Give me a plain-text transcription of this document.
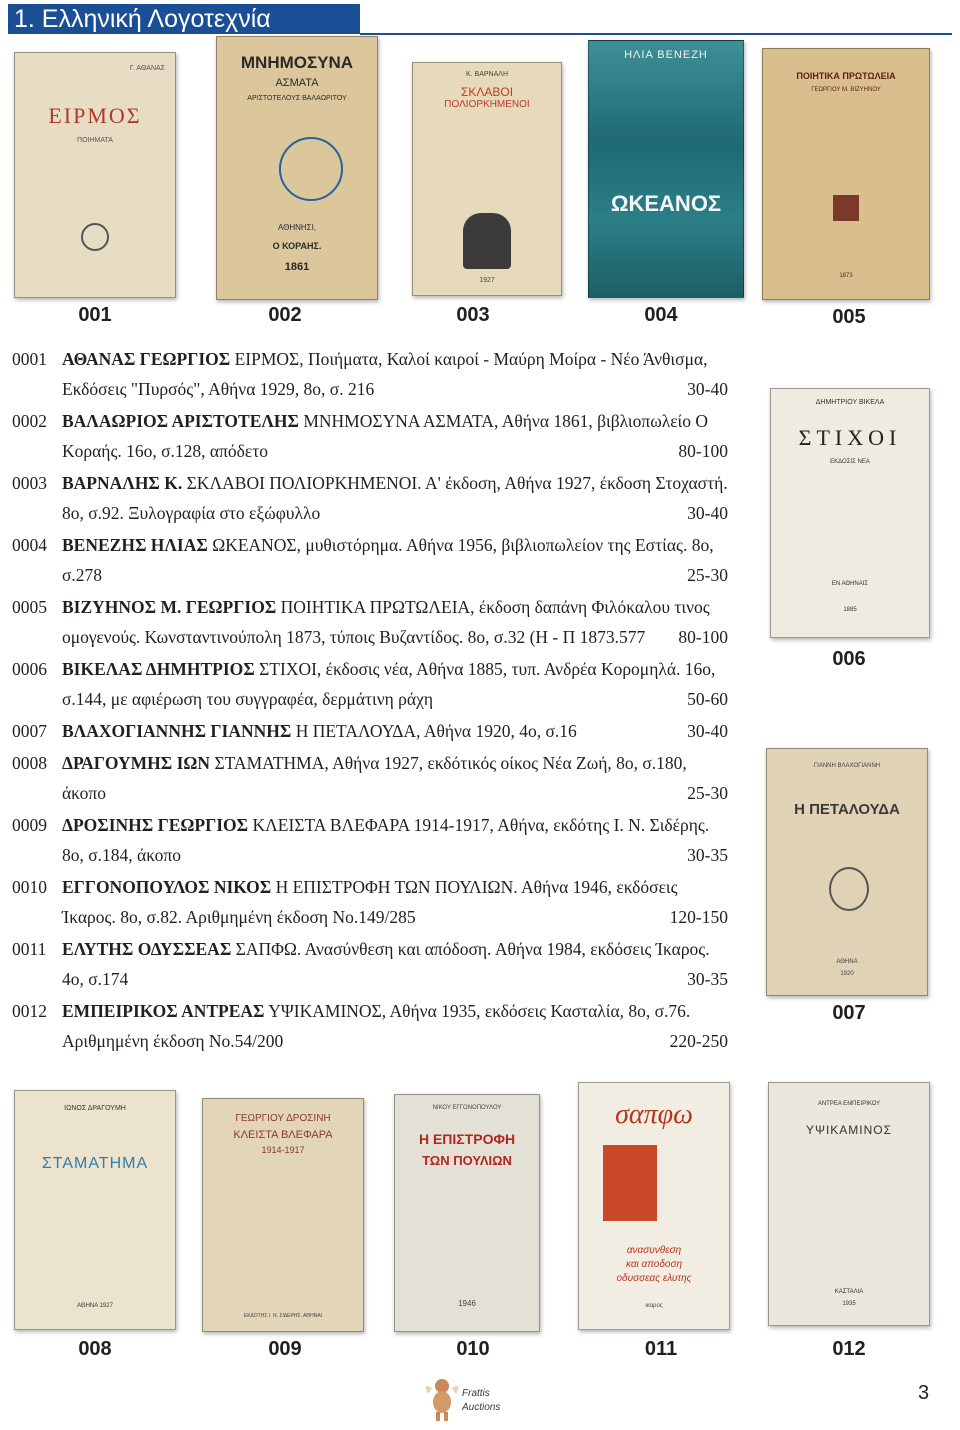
1. Ελληνική Λογοτεχνία
Γ. ΑΘΑΝΑΣ
ΕΙΡΜΟΣ
ΠΟΙΗΜΑΤΑ
ΜΝΗΜΟΣΥΝΑ
ΑΣΜΑΤΑ
ΑΡΙΣΤΟΤΕΛΟΥΣ ΒΑΛΑΩΡΙΤΟΥ
ΑΘΗΝΗΣΙ,
Ο ΚΟΡΑΗΣ.
1861
Κ. ΒΑΡΝΑΛΗ
ΣΚΛΑΒΟΙ
ΠΟΛΙΟΡΚΗΜΕΝΟΙ
1927
ΗΛΙΑ ΒΕΝΕΖΗ
ΩΚΕΑΝΟΣ
ΠΟΙΗΤΙΚΑ ΠΡΩΤΩΛΕΙΑ
ΓΕΩΡΓΙΟΥ Μ. ΒΙΖΥΗΝΟΥ
1873
001	002	003	004	005
ΔΗΜΗΤΡΙΟΥ ΒΙΚΕΛΑ
ΣΤΙΧΟΙ
ΕΚΔΟΣΙΣ ΝΕΑ
ΕΝ ΑΘΗΝΑΙΣ
1885
006
ΓΙΑΝΝΗ ΒΛΑΧΟΓΙΑΝΝΗ
Η ΠΕΤΑΛΟΥΔΑ
ΑΘΗΝΑ
1920
007
0001 ΑΘΑΝΑΣ ΓΕΩΡΓΙΟΣ ΕΙΡΜΟΣ, Ποιήματα, Καλοί καιροί - Μαύρη Μοίρα - Νέο Άνθισμα, Εκδόσεις "Πυρσός", Αθήνα 1929, 8ο, σ. 216	30-40
0002 ΒΑΛΑΩΡΙΟΣ ΑΡΙΣΤΟΤΕΛΗΣ ΜΝΗΜΟΣΥΝΑ ΑΣΜΑΤΑ, Αθήνα 1861, βιβλιοπωλείο Ο Κοραής. 16ο, σ.128, απόδετο	80-100
0003 ΒΑΡΝΑΛΗΣ Κ. ΣΚΛΑΒΟΙ ΠΟΛΙΟΡΚΗΜΕΝΟΙ. Α' έκδοση, Αθήνα 1927, έκδοση Στοχαστή. 8ο, σ.92. Ξυλογραφία στο εξώφυλλο	30-40
0004 ΒΕΝΕΖΗΣ ΗΛΙΑΣ ΩΚΕΑΝΟΣ, μυθιστόρημα. Αθήνα 1956, βιβλιοπωλείον της Εστίας. 8ο, σ.278	25-30
0005 ΒΙΖΥΗΝΟΣ Μ. ΓΕΩΡΓΙΟΣ ΠΟΙΗΤΙΚΑ ΠΡΩΤΩΛΕΙΑ, έκδοση δαπάνη Φιλόκαλου τινος ομογενούς. Κωνσταντινούπολη 1873, τύποις Βυζαντίδος. 8ο, σ.32 (Η - Π 1873.577	80-100
0006 ΒΙΚΕΛΑΣ ΔΗΜΗΤΡΙΟΣ ΣΤΙΧΟΙ, έκδοσις νέα, Αθήνα 1885, τυπ. Ανδρέα Κορομηλά. 16ο, σ.144, με αφιέρωση του συγγραφέα, δερμάτινη ράχη	50-60
0007 ΒΛΑΧΟΓΙΑΝΝΗΣ ΓΙΑΝΝΗΣ Η ΠΕΤΑΛΟΥΔΑ, Αθήνα 1920, 4ο, σ.16	30-40
0008 ΔΡΑΓΟΥΜΗΣ ΙΩΝ ΣΤΑΜΑΤΗΜΑ, Αθήνα 1927, εκδότικός οίκος Νέα Ζωή, 8ο, σ.180, άκοπο	25-30
0009 ΔΡΟΣΙΝΗΣ ΓΕΩΡΓΙΟΣ ΚΛΕΙΣΤΑ ΒΛΕΦΑΡΑ 1914-1917, Αθήνα, εκδότης Ι. Ν. Σιδέρης. 8ο, σ.184, άκοπο	30-35
0010 ΕΓΓΟΝΟΠΟΥΛΟΣ ΝΙΚΟΣ Η ΕΠΙΣΤΡΟΦΗ ΤΩΝ ΠΟΥΛΙΩΝ. Αθήνα 1946, εκδόσεις Ίκαρος. 8ο, σ.82. Αριθμημένη έκδοση Νο.149/285	120-150
0011 ΕΛΥΤΗΣ ΟΔΥΣΣΕΑΣ ΣΑΠΦΩ. Ανασύνθεση και απόδοση. Αθήνα 1984, εκδόσεις Ίκαρος. 4ο, σ.174	30-35
0012 ΕΜΠΕΙΡΙΚΟΣ ΑΝΤΡΕΑΣ ΥΨΙΚΑΜΙΝΟΣ, Αθήνα 1935, εκδόσεις Κασταλία, 8ο, σ.76. Αριθμημένη έκδοση Νο.54/200	220-250
ΙΩΝΟΣ ΔΡΑΓΟΥΜΗ
ΣΤΑΜΑΤΗΜΑ
ΑΘΗΝΑ 1927
ΓΕΩΡΓΙΟΥ ΔΡΟΣΙΝΗ
ΚΛΕΙΣΤΑ ΒΛΕΦΑΡΑ
1914-1917
ΕΚΔΟΤΗΣ Ι. Ν. ΣΙΔΕΡΗΣ, ΑΘΗΝΑΙ
ΝΙΚΟΥ ΕΓΓΟΝΟΠΟΥΛΟΥ
Η ΕΠΙΣΤΡΟΦΗ
ΤΩΝ ΠΟΥΛΙΩΝ
1946
σαπφω
ανασυνθεση
και αποδοση
οδυσσεας ελυτης
ικαρος
ΑΝΤΡΕΑ ΕΜΠΕΙΡΙΚΟΥ
ΥΨΙΚΑΜΙΝΟΣ
ΚΑΣΤΑΛΙΑ
1935
008	009	010	011	012
Frattis
Auctions
3
